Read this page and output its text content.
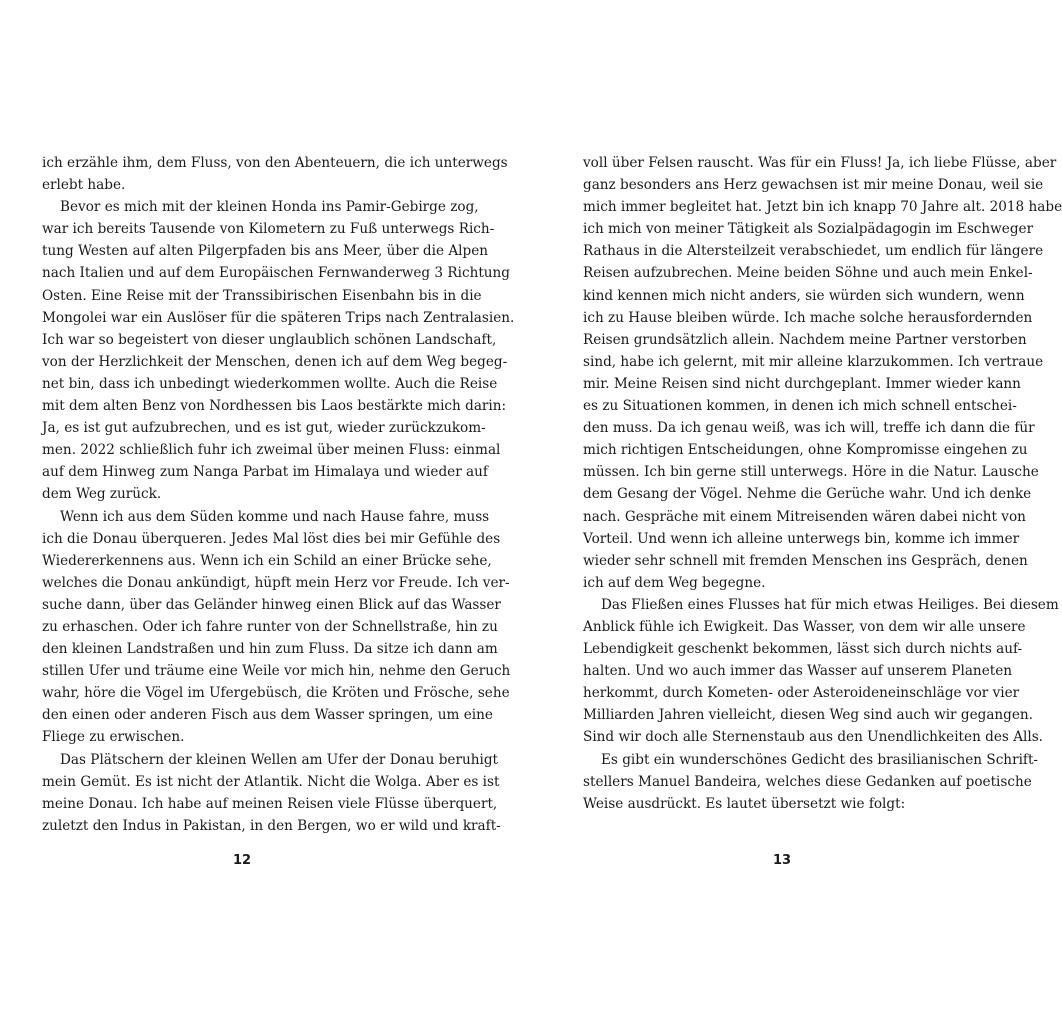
ich erzähle ihm, dem Fluss, von den Abenteuern, die ich unterwegs
erlebt habe.
Bevor es mich mit der kleinen Honda ins Pamir-Gebirge zog,
war ich bereits Tausende von Kilometern zu Fuß unterwegs Rich-
tung Westen auf alten Pilgerpfaden bis ans Meer, über die Alpen
nach Italien und auf dem Europäischen Fernwanderweg 3 Richtung
Osten. Eine Reise mit der Transsibirischen Eisenbahn bis in die
Mongolei war ein Auslöser für die späteren Trips nach Zentralasien.
Ich war so begeistert von dieser unglaublich schönen Landschaft,
von der Herzlichkeit der Menschen, denen ich auf dem Weg begeg-
net bin, dass ich unbedingt wiederkommen wollte. Auch die Reise
mit dem alten Benz von Nordhessen bis Laos bestärkte mich darin:
Ja, es ist gut aufzubrechen, und es ist gut, wieder zurückzukom-
men. 2022 schließlich fuhr ich zweimal über meinen Fluss: einmal
auf dem Hinweg zum Nanga Parbat im Himalaya und wieder auf
dem Weg zurück.
Wenn ich aus dem Süden komme und nach Hause fahre, muss
ich die Donau überqueren. Jedes Mal löst dies bei mir Gefühle des
Wiedererkennens aus. Wenn ich ein Schild an einer Brücke sehe,
welches die Donau ankündigt, hüpft mein Herz vor Freude. Ich ver-
suche dann, über das Geländer hinweg einen Blick auf das Wasser
zu erhaschen. Oder ich fahre runter von der Schnellstraße, hin zu
den kleinen Landstraßen und hin zum Fluss. Da sitze ich dann am
stillen Ufer und träume eine Weile vor mich hin, nehme den Geruch
wahr, höre die Vögel im Ufergebüsch, die Kröten und Frösche, sehe
den einen oder anderen Fisch aus dem Wasser springen, um eine
Fliege zu erwischen.
Das Plätschern der kleinen Wellen am Ufer der Donau beruhigt
mein Gemüt. Es ist nicht der Atlantik. Nicht die Wolga. Aber es ist
meine Donau. Ich habe auf meinen Reisen viele Flüsse überquert,
zuletzt den Indus in Pakistan, in den Bergen, wo er wild und kraft-
voll über Felsen rauscht. Was für ein Fluss! Ja, ich liebe Flüsse, aber
ganz besonders ans Herz gewachsen ist mir meine Donau, weil sie
mich immer begleitet hat. Jetzt bin ich knapp 70 Jahre alt. 2018 habe
ich mich von meiner Tätigkeit als Sozialpädagogin im Eschweger
Rathaus in die Altersteilzeit verabschiedet, um endlich für längere
Reisen aufzubrechen. Meine beiden Söhne und auch mein Enkel-
kind kennen mich nicht anders, sie würden sich wundern, wenn
ich zu Hause bleiben würde. Ich mache solche herausfordernden
Reisen grundsätzlich allein. Nachdem meine Partner verstorben
sind, habe ich gelernt, mit mir alleine klarzukommen. Ich vertraue
mir. Meine Reisen sind nicht durchgeplant. Immer wieder kann
es zu Situationen kommen, in denen ich mich schnell entschei-
den muss. Da ich genau weiß, was ich will, treffe ich dann die für
mich richtigen Entscheidungen, ohne Kompromisse eingehen zu
müssen. Ich bin gerne still unterwegs. Höre in die Natur. Lausche
dem Gesang der Vögel. Nehme die Gerüche wahr. Und ich denke
nach. Gespräche mit einem Mitreisenden wären dabei nicht von
Vorteil. Und wenn ich alleine unterwegs bin, komme ich immer
wieder sehr schnell mit fremden Menschen ins Gespräch, denen
ich auf dem Weg begegne.
Das Fließen eines Flusses hat für mich etwas Heiliges. Bei diesem
Anblick fühle ich Ewigkeit. Das Wasser, von dem wir alle unsere
Lebendigkeit geschenkt bekommen, lässt sich durch nichts auf-
halten. Und wo auch immer das Wasser auf unserem Planeten
herkommt, durch Kometen- oder Asteroideneinschläge vor vier
Milliarden Jahren vielleicht, diesen Weg sind auch wir gegangen.
Sind wir doch alle Sternenstaub aus den Unendlichkeiten des Alls.
Es gibt ein wunderschönes Gedicht des brasilianischen Schrift-
stellers Manuel Bandeira, welches diese Gedanken auf poetische
Weise ausdrückt. Es lautet übersetzt wie folgt:
12	13
